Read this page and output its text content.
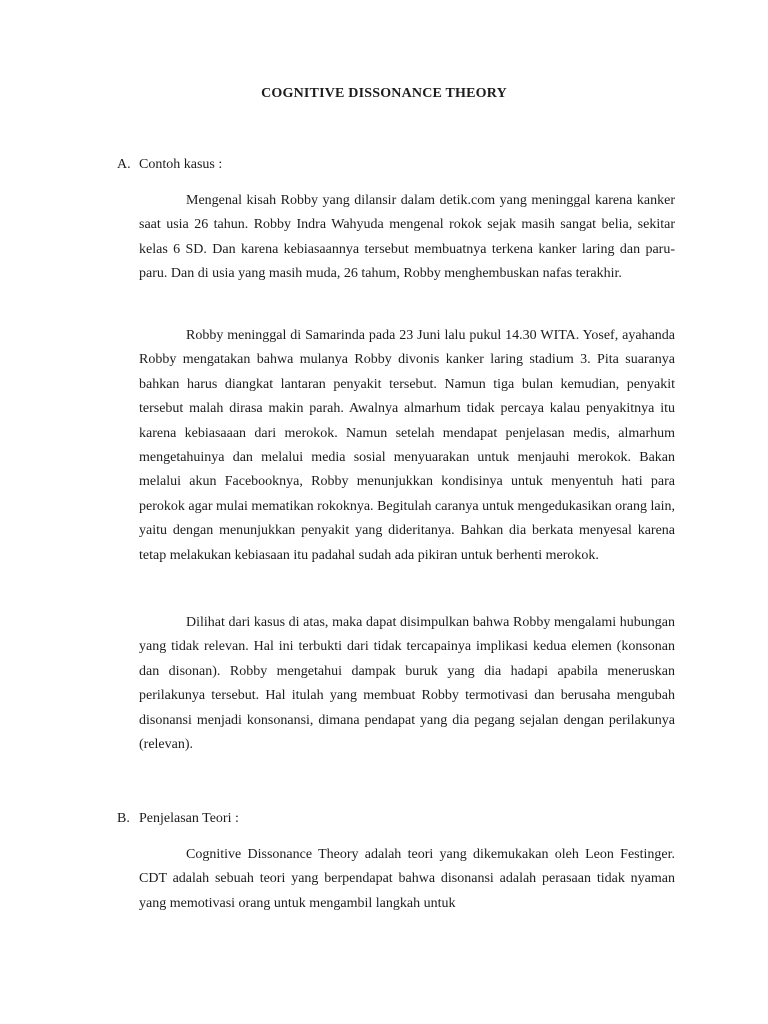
COGNITIVE DISSONANCE THEORY

A. Contoh kasus :

Mengenal kisah Robby yang dilansir dalam detik.com yang meninggal karena kanker saat usia 26 tahun. Robby Indra Wahyuda mengenal rokok sejak masih sangat belia, sekitar kelas 6 SD. Dan karena kebiasaannya tersebut membuatnya terkena kanker laring dan paru-paru. Dan di usia yang masih muda, 26 tahum, Robby menghembuskan nafas terakhir.

Robby meninggal di Samarinda pada 23 Juni lalu pukul 14.30 WITA. Yosef, ayahanda Robby mengatakan bahwa mulanya Robby divonis kanker laring stadium 3. Pita suaranya bahkan harus diangkat lantaran penyakit tersebut. Namun tiga bulan kemudian, penyakit tersebut malah dirasa makin parah. Awalnya almarhum tidak percaya kalau penyakitnya itu karena kebiasaaan dari merokok. Namun setelah mendapat penjelasan medis, almarhum mengetahuinya dan melalui media sosial menyuarakan untuk menjauhi merokok. Bakan melalui akun Facebooknya, Robby menunjukkan kondisinya untuk menyentuh hati para perokok agar mulai mematikan rokoknya. Begitulah caranya untuk mengedukasikan orang lain, yaitu dengan menunjukkan penyakit yang dideritanya. Bahkan dia berkata menyesal karena tetap melakukan kebiasaan itu padahal sudah ada pikiran untuk berhenti merokok.

Dilihat dari kasus di atas, maka dapat disimpulkan bahwa Robby mengalami hubungan yang tidak relevan. Hal ini terbukti dari tidak tercapainya implikasi kedua elemen (konsonan dan disonan). Robby mengetahui dampak buruk yang dia hadapi apabila meneruskan perilakunya tersebut. Hal itulah yang membuat Robby termotivasi dan berusaha mengubah disonansi menjadi konsonansi, dimana pendapat yang dia pegang sejalan dengan perilakunya (relevan).

B. Penjelasan Teori :

Cognitive Dissonance Theory adalah teori yang dikemukakan oleh Leon Festinger. CDT adalah sebuah teori yang berpendapat bahwa disonansi adalah perasaan tidak nyaman yang memotivasi orang untuk mengambil langkah untuk
